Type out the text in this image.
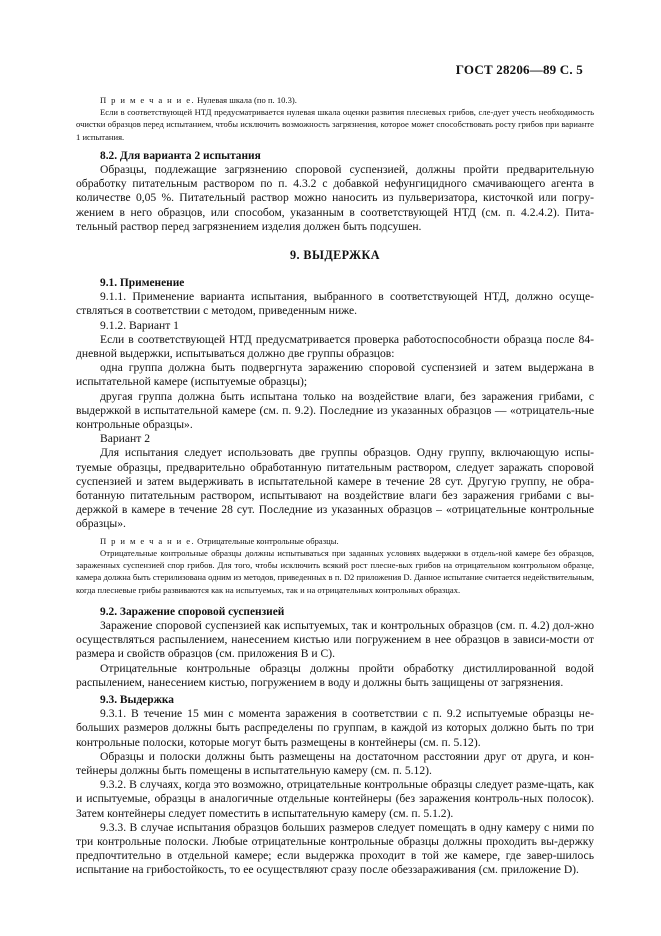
ГОСТ 28206—89 С. 5

П р и м е ч а н и е. Нулевая шкала (по п. 10.3).

Если в соответствующей НТД предусматривается нулевая шкала оценки развития плесневых грибов, сле-дует учесть необходимость очистки образцов перед испытанием, чтобы исключить возможность загрязнения, которое может способствовать росту грибов при варианте 1 испытания.

8.2. Для варианта 2 испытания

Образцы, подлежащие загрязнению споровой суспензией, должны пройти предварительную обработку питательным раствором по п. 4.3.2 с добавкой нефунгицидного смачивающего агента в количестве 0,05 %. Питательный раствор можно наносить из пульверизатора, кисточкой или погру-жением в него образцов, или способом, указанным в соответствующей НТД (см. п. 4.2.4.2). Пита-тельный раствор перед загрязнением изделия должен быть подсушен.

9. ВЫДЕРЖКА

9.1. Применение

9.1.1. Применение варианта испытания, выбранного в соответствующей НТД, должно осуще-ствляться в соответствии с методом, приведенным ниже.

9.1.2. Вариант 1

Если в соответствующей НТД предусматривается проверка работоспособности образца после 84-дневной выдержки, испытываться должно две группы образцов:

одна группа должна быть подвергнута заражению споровой суспензией и затем выдержана в испытательной камере (испытуемые образцы);

другая группа должна быть испытана только на воздействие влаги, без заражения грибами, с выдержкой в испытательной камере (см. п. 9.2). Последние из указанных образцов — «отрицатель-ные контрольные образцы».

Вариант 2

Для испытания следует использовать две группы образцов. Одну группу, включающую испы-туемые образцы, предварительно обработанную питательным раствором, следует заражать споровой суспензией и затем выдерживать в испытательной камере в течение 28 сут. Другую группу, не обра-ботанную питательным раствором, испытывают на воздействие влаги без заражения грибами с вы-держкой в камере в течение 28 сут. Последние из указанных образцов – «отрицательные контрольные образцы».

П р и м е ч а н и е. Отрицательные контрольные образцы.

Отрицательные контрольные образцы должны испытываться при заданных условиях выдержки в отдель-ной камере без образцов, зараженных суспензией спор грибов. Для того, чтобы исключить всякий рост плесне-вых грибов на отрицательном контрольном образце, камера должна быть стерилизована одним из методов, приведенных в п. D2 приложения D. Данное испытание считается недействительным, когда плесневые грибы развиваются как на испытуемых, так и на отрицательных контрольных образцах.

9.2. Заражение споровой суспензией

Заражение споровой суспензией как испытуемых, так и контрольных образцов (см. п. 4.2) дол-жно осуществляться распылением, нанесением кистью или погружением в нее образцов в зависи-мости от размера и свойств образцов (см. приложения В и С).

Отрицательные контрольные образцы должны пройти обработку дистиллированной водой распылением, нанесением кистью, погружением в воду и должны быть защищены от загрязнения.

9.3. Выдержка

9.3.1. В течение 15 мин с момента заражения в соответствии с п. 9.2 испытуемые образцы не-больших размеров должны быть распределены по группам, в каждой из которых должно быть по три контрольные полоски, которые могут быть размещены в контейнеры (см. п. 5.12).

Образцы и полоски должны быть размещены на достаточном расстоянии друг от друга, и кон-тейнеры должны быть помещены в испытательную камеру (см. п. 5.12).

9.3.2. В случаях, когда это возможно, отрицательные контрольные образцы следует размe-щать, как и испытуемые, образцы в аналогичные отдельные контейнеры (без заражения контроль-ных полосок). Затем контейнеры следует поместить в испытательную камеру (см. п. 5.1.2).

9.3.3. В случае испытания образцов больших размеров следует помещать в одну камеру с ними по три контрольные полоски. Любые отрицательные контрольные образцы должны проходить вы-держку предпочтительно в отдельной камере; если выдержка проходит в той же камере, где завер-шилось испытание на грибостойкость, то ее осуществляют сразу после обеззараживания (см. приложение D).
